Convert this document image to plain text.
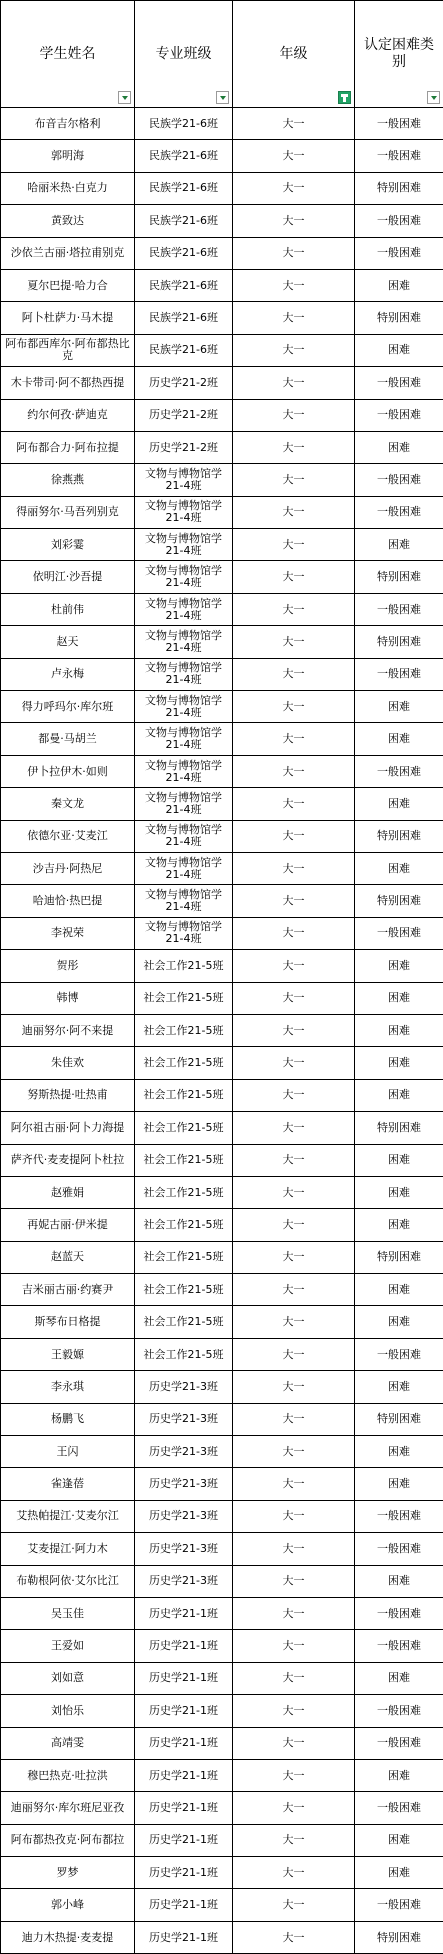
学生姓名	专业班级	年级	认定困难类别

布音吉尔格利	民族学21-6班	大一	一般困难
郭明海	民族学21-6班	大一	一般困难
哈丽米热·白克力	民族学21-6班	大一	特别困难
黄致达	民族学21-6班	大一	一般困难
沙依兰古丽·塔拉甫别克	民族学21-6班	大一	一般困难
夏尔巴提·哈力合	民族学21-6班	大一	困难
阿卜杜萨力·马木提	民族学21-6班	大一	特别困难
阿布都西库尔·阿布都热比克	民族学21-6班	大一	困难
木卡带司·阿不都热西提	历史学21-2班	大一	一般困难
约尔何孜·萨迪克	历史学21-2班	大一	一般困难
阿布都合力·阿布拉提	历史学21-2班	大一	困难
徐燕燕	文物与博物馆学21-4班	大一	一般困难
得丽努尔·马吾列别克	文物与博物馆学21-4班	大一	一般困难
刘彩霎	文物与博物馆学21-4班	大一	困难
依明江·沙吾提	文物与博物馆学21-4班	大一	特别困难
杜前伟	文物与博物馆学21-4班	大一	一般困难
赵天	文物与博物馆学21-4班	大一	特别困难
卢永梅	文物与博物馆学21-4班	大一	一般困难
得力呼玛尔·库尔班	文物与博物馆学21-4班	大一	困难
都曼·马胡兰	文物与博物馆学21-4班	大一	困难
伊卜拉伊木·如则	文物与博物馆学21-4班	大一	一般困难
秦文龙	文物与博物馆学21-4班	大一	困难
依德尔亚·艾麦江	文物与博物馆学21-4班	大一	特别困难
沙吉丹·阿热尼	文物与博物馆学21-4班	大一	困难
哈迪恰·热巴提	文物与博物馆学21-4班	大一	特别困难
李祝荣	文物与博物馆学21-4班	大一	一般困难
贺彤	社会工作21-5班	大一	困难
韩博	社会工作21-5班	大一	困难
迪丽努尔·阿不来提	社会工作21-5班	大一	困难
朱佳欢	社会工作21-5班	大一	困难
努斯热提·吐热甫	社会工作21-5班	大一	困难
阿尔祖古丽·阿卜力海提	社会工作21-5班	大一	特别困难
萨齐代·麦麦提阿卜杜拉	社会工作21-5班	大一	困难
赵雅娟	社会工作21-5班	大一	困难
再妮古丽·伊米提	社会工作21-5班	大一	困难
赵蓝天	社会工作21-5班	大一	特别困难
吉米丽古丽·约赛尹	社会工作21-5班	大一	困难
斯琴布日格提	社会工作21-5班	大一	困难
王毅嫄	社会工作21-5班	大一	一般困难
李永琪	历史学21-3班	大一	困难
杨鹏飞	历史学21-3班	大一	特别困难
王闪	历史学21-3班	大一	困难
雀逢蓓	历史学21-3班	大一	困难
艾热帕提江·艾麦尔江	历史学21-3班	大一	一般困难
艾麦提江·阿力木	历史学21-3班	大一	一般困难
布勒根阿依·艾尔比江	历史学21-3班	大一	困难
吴玉佳	历史学21-1班	大一	一般困难
王爱如	历史学21-1班	大一	一般困难
刘如意	历史学21-1班	大一	困难
刘怡乐	历史学21-1班	大一	一般困难
高靖雯	历史学21-1班	大一	一般困难
穆巴热克·吐拉洪	历史学21-1班	大一	困难
迪丽努尔·库尔班尼亚孜	历史学21-1班	大一	一般困难
阿布都热孜克·阿布都拉	历史学21-1班	大一	困难
罗梦	历史学21-1班	大一	困难
郭小峰	历史学21-1班	大一	一般困难
迪力木热提·麦麦提	历史学21-1班	大一	特别困难
